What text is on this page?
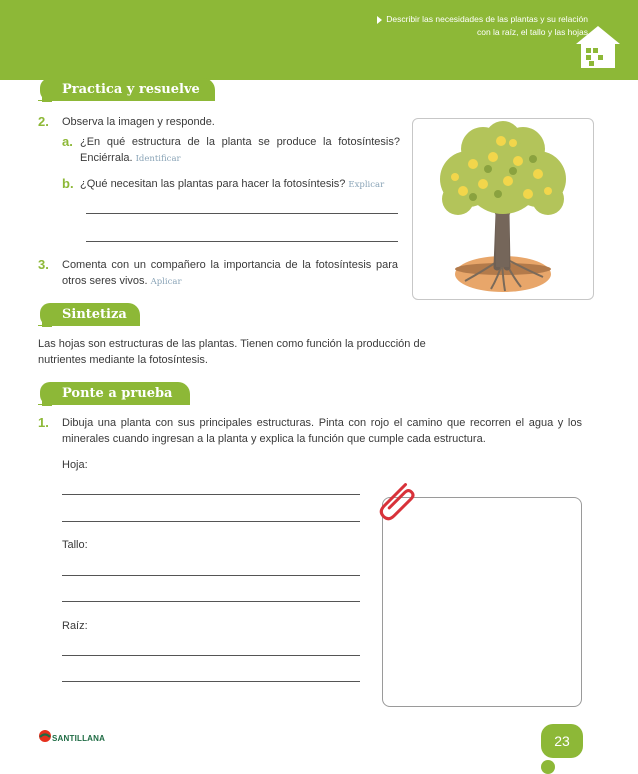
Describir las necesidades de las plantas y su relación
con la raíz, el tallo y las hojas
Practica y resuelve
2. Observa la imagen y responde.
a. ¿En qué estructura de la planta se produce la fotosíntesis? Enciérrala. Identificar
b. ¿Qué necesitan las plantas para hacer la fotosíntesis? Explicar
3. Comenta con un compañero la importancia de la fotosíntesis para otros seres vivos. Aplicar
Sintetiza
Las hojas son estructuras de las plantas. Tienen como función la producción de nutrientes mediante la fotosíntesis.
Ponte a prueba
1. Dibuja una planta con sus principales estructuras. Pinta con rojo el camino que recorren el agua y los minerales cuando ingresan a la planta y explica la función que cumple cada estructura.
Hoja:
Tallo:
Raíz:
SANTILLANA	23
